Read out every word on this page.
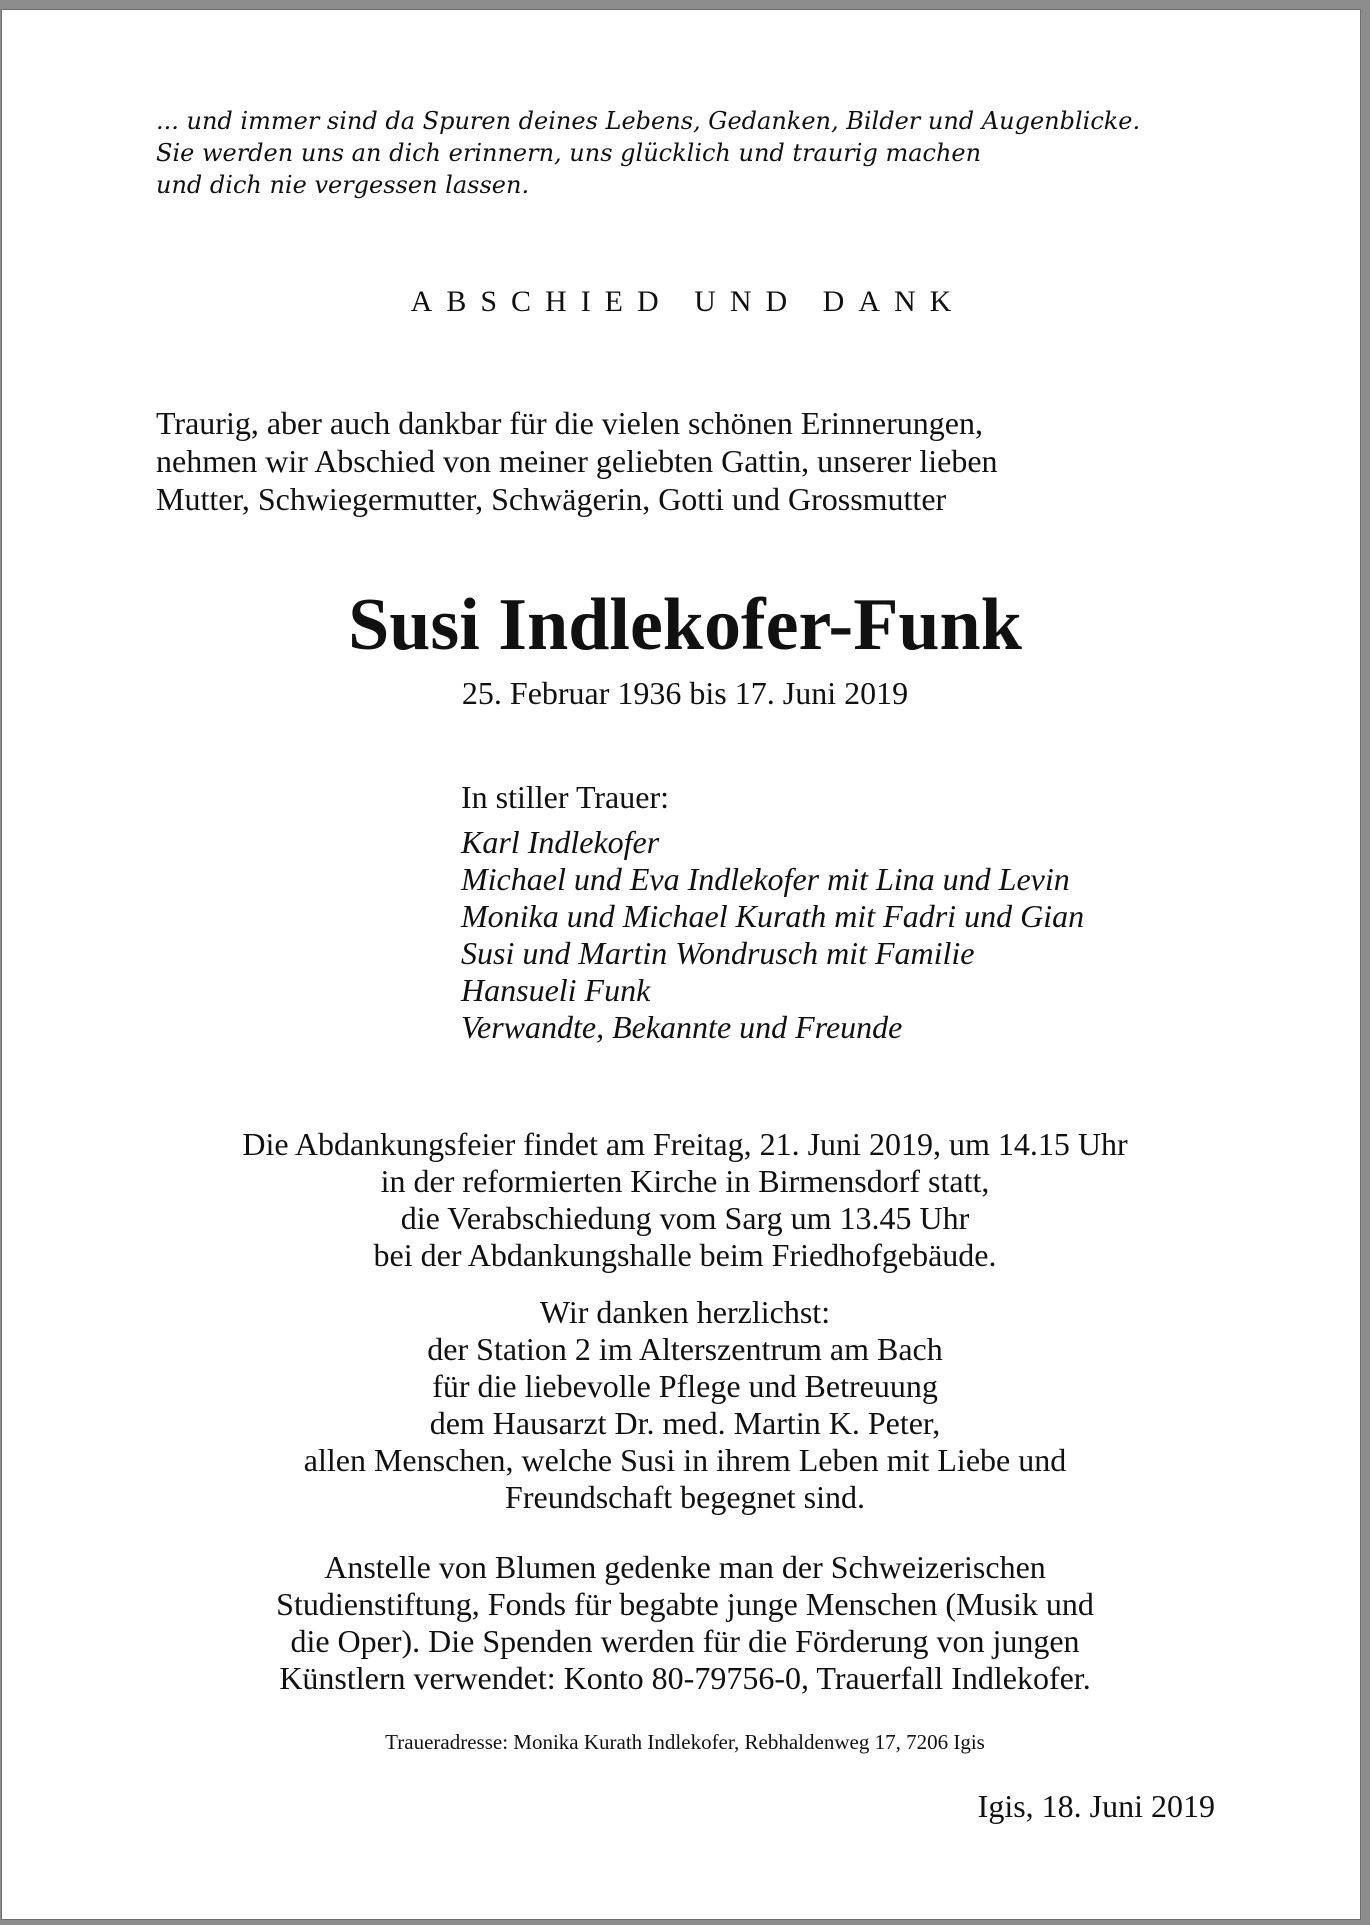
... und immer sind da Spuren deines Lebens, Gedanken, Bilder und Augenblicke.
Sie werden uns an dich erinnern, uns glücklich und traurig machen
und dich nie vergessen lassen.
ABSCHIED UND DANK
Traurig, aber auch dankbar für die vielen schönen Erinnerungen,
nehmen wir Abschied von meiner geliebten Gattin, unserer lieben
Mutter, Schwiegermutter, Schwägerin, Gotti und Grossmutter
Susi Indlekofer-Funk
25. Februar 1936 bis 17. Juni 2019
In stiller Trauer:
Karl Indlekofer
Michael und Eva Indlekofer mit Lina und Levin
Monika und Michael Kurath mit Fadri und Gian
Susi und Martin Wondrusch mit Familie
Hansueli Funk
Verwandte, Bekannte und Freunde
Die Abdankungsfeier findet am Freitag, 21. Juni 2019, um 14.15 Uhr
in der reformierten Kirche in Birmensdorf statt,
die Verabschiedung vom Sarg um 13.45 Uhr
bei der Abdankungshalle beim Friedhofgebäude.
Wir danken herzlichst:
der Station 2 im Alterszentrum am Bach
für die liebevolle Pflege und Betreuung
dem Hausarzt Dr. med. Martin K. Peter,
allen Menschen, welche Susi in ihrem Leben mit Liebe und
Freundschaft begegnet sind.
Anstelle von Blumen gedenke man der Schweizerischen
Studienstiftung, Fonds für begabte junge Menschen (Musik und
die Oper). Die Spenden werden für die Förderung von jungen
Künstlern verwendet: Konto 80-79756-0, Trauerfall Indlekofer.
Traueradresse: Monika Kurath Indlekofer, Rebhaldenweg 17, 7206 Igis
Igis, 18. Juni 2019
